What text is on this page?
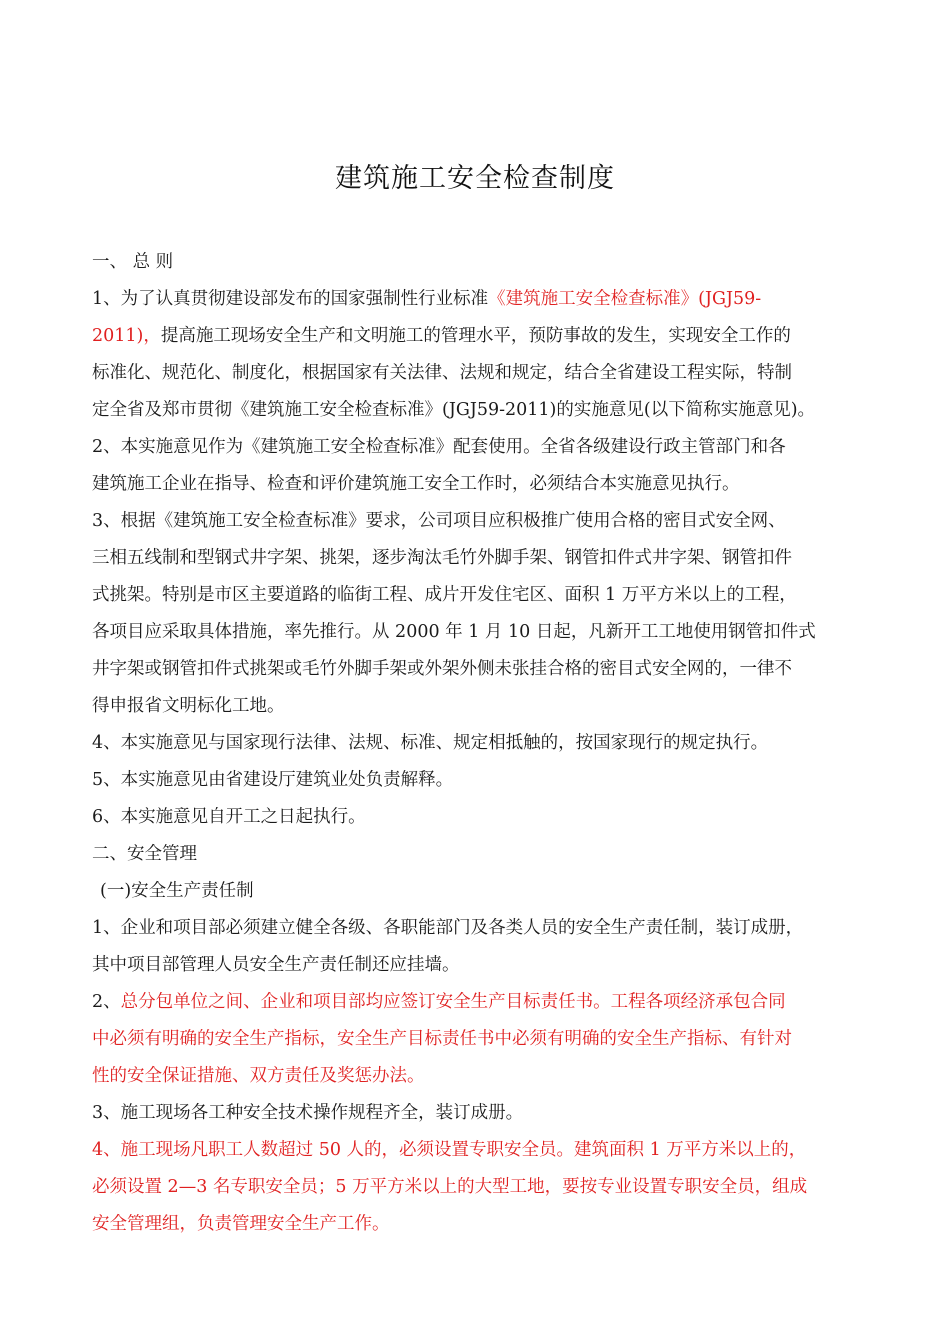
建筑施工安全检查制度
一、 总 则
1、为了认真贯彻建设部发布的国家强制性行业标准《建筑施工安全检查标准》(JGJ59-
2011)，提高施工现场安全生产和文明施工的管理水平，预防事故的发生，实现安全工作的
标准化、规范化、制度化，根据国家有关法律、法规和规定，结合全省建设工程实际，特制
定全省及郑市贯彻《建筑施工安全检查标准》(JGJ59-2011)的实施意见(以下简称实施意见)。
2、本实施意见作为《建筑施工安全检查标准》配套使用。全省各级建设行政主管部门和各
建筑施工企业在指导、检查和评价建筑施工安全工作时，必须结合本实施意见执行。
3、根据《建筑施工安全检查标准》要求，公司项目应积极推广使用合格的密目式安全网、
三相五线制和型钢式井字架、挑架，逐步淘汰毛竹外脚手架、钢管扣件式井字架、钢管扣件
式挑架。特别是市区主要道路的临街工程、成片开发住宅区、面积 1 万平方米以上的工程，
各项目应采取具体措施，率先推行。从 2000 年 1 月 10 日起，凡新开工工地使用钢管扣件式
井字架或钢管扣件式挑架或毛竹外脚手架或外架外侧未张挂合格的密目式安全网的，一律不
得申报省文明标化工地。
4、本实施意见与国家现行法律、法规、标准、规定相抵触的，按国家现行的规定执行。
5、本实施意见由省建设厅建筑业处负责解释。
6、本实施意见自开工之日起执行。
二、安全管理
(一)安全生产责任制
1、企业和项目部必须建立健全各级、各职能部门及各类人员的安全生产责任制，装订成册，
其中项目部管理人员安全生产责任制还应挂墙。
2、总分包单位之间、企业和项目部均应签订安全生产目标责任书。工程各项经济承包合同
中必须有明确的安全生产指标，安全生产目标责任书中必须有明确的安全生产指标、有针对
性的安全保证措施、双方责任及奖惩办法。
3、施工现场各工种安全技术操作规程齐全，装订成册。
4、施工现场凡职工人数超过 50 人的，必须设置专职安全员。建筑面积 1 万平方米以上的，
必须设置 2—3 名专职安全员；5 万平方米以上的大型工地，要按专业设置专职安全员，组成
安全管理组，负责管理安全生产工作。
